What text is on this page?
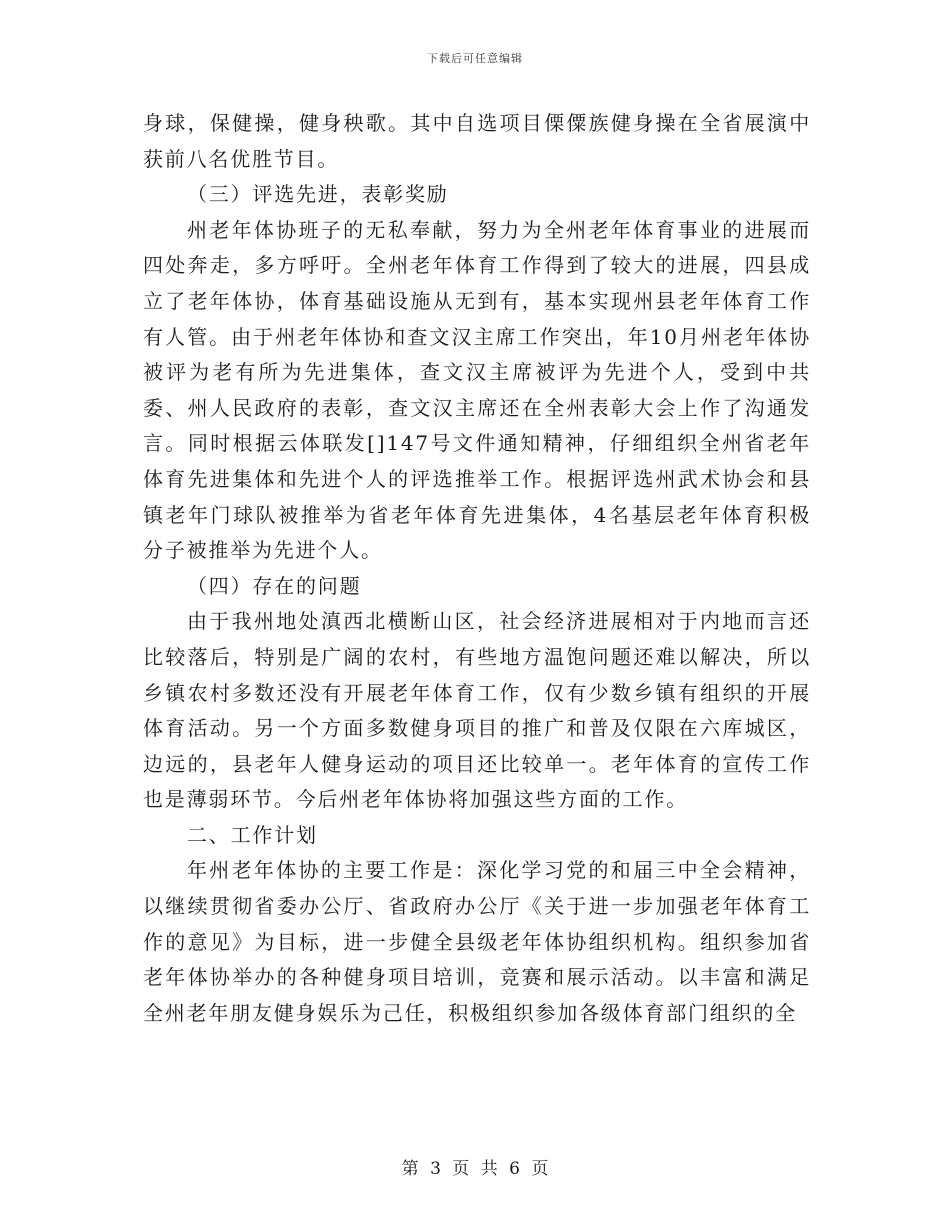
下载后可任意编辑

身球，保健操，健身秧歌。其中自选项目傈僳族健身操在全省展演中获前八名优胜节目。

（三）评选先进，表彰奖励

州老年体协班子的无私奉献，努力为全州老年体育事业的进展而四处奔走，多方呼吁。全州老年体育工作得到了较大的进展，四县成立了老年体协，体育基础设施从无到有，基本实现州县老年体育工作有人管。由于州老年体协和查文汉主席工作突出，年10月州老年体协被评为老有所为先进集体，查文汉主席被评为先进个人，受到中共委、州人民政府的表彰，查文汉主席还在全州表彰大会上作了沟通发言。同时根据云体联发[]147号文件通知精神，仔细组织全州省老年体育先进集体和先进个人的评选推举工作。根据评选州武术协会和县镇老年门球队被推举为省老年体育先进集体，4名基层老年体育积极分子被推举为先进个人。

（四）存在的问题

由于我州地处滇西北横断山区，社会经济进展相对于内地而言还比较落后，特别是广阔的农村，有些地方温饱问题还难以解决，所以乡镇农村多数还没有开展老年体育工作，仅有少数乡镇有组织的开展体育活动。另一个方面多数健身项目的推广和普及仅限在六库城区，边远的，县老年人健身运动的项目还比较单一。老年体育的宣传工作也是薄弱环节。今后州老年体协将加强这些方面的工作。

二、工作计划

年州老年体协的主要工作是：深化学习党的和届三中全会精神，以继续贯彻省委办公厅、省政府办公厅《关于进一步加强老年体育工作的意见》为目标，进一步健全县级老年体协组织机构。组织参加省老年体协举办的各种健身项目培训，竞赛和展示活动。以丰富和满足全州老年朋友健身娱乐为己任，积极组织参加各级体育部门组织的全

第 3 页 共 6 页
